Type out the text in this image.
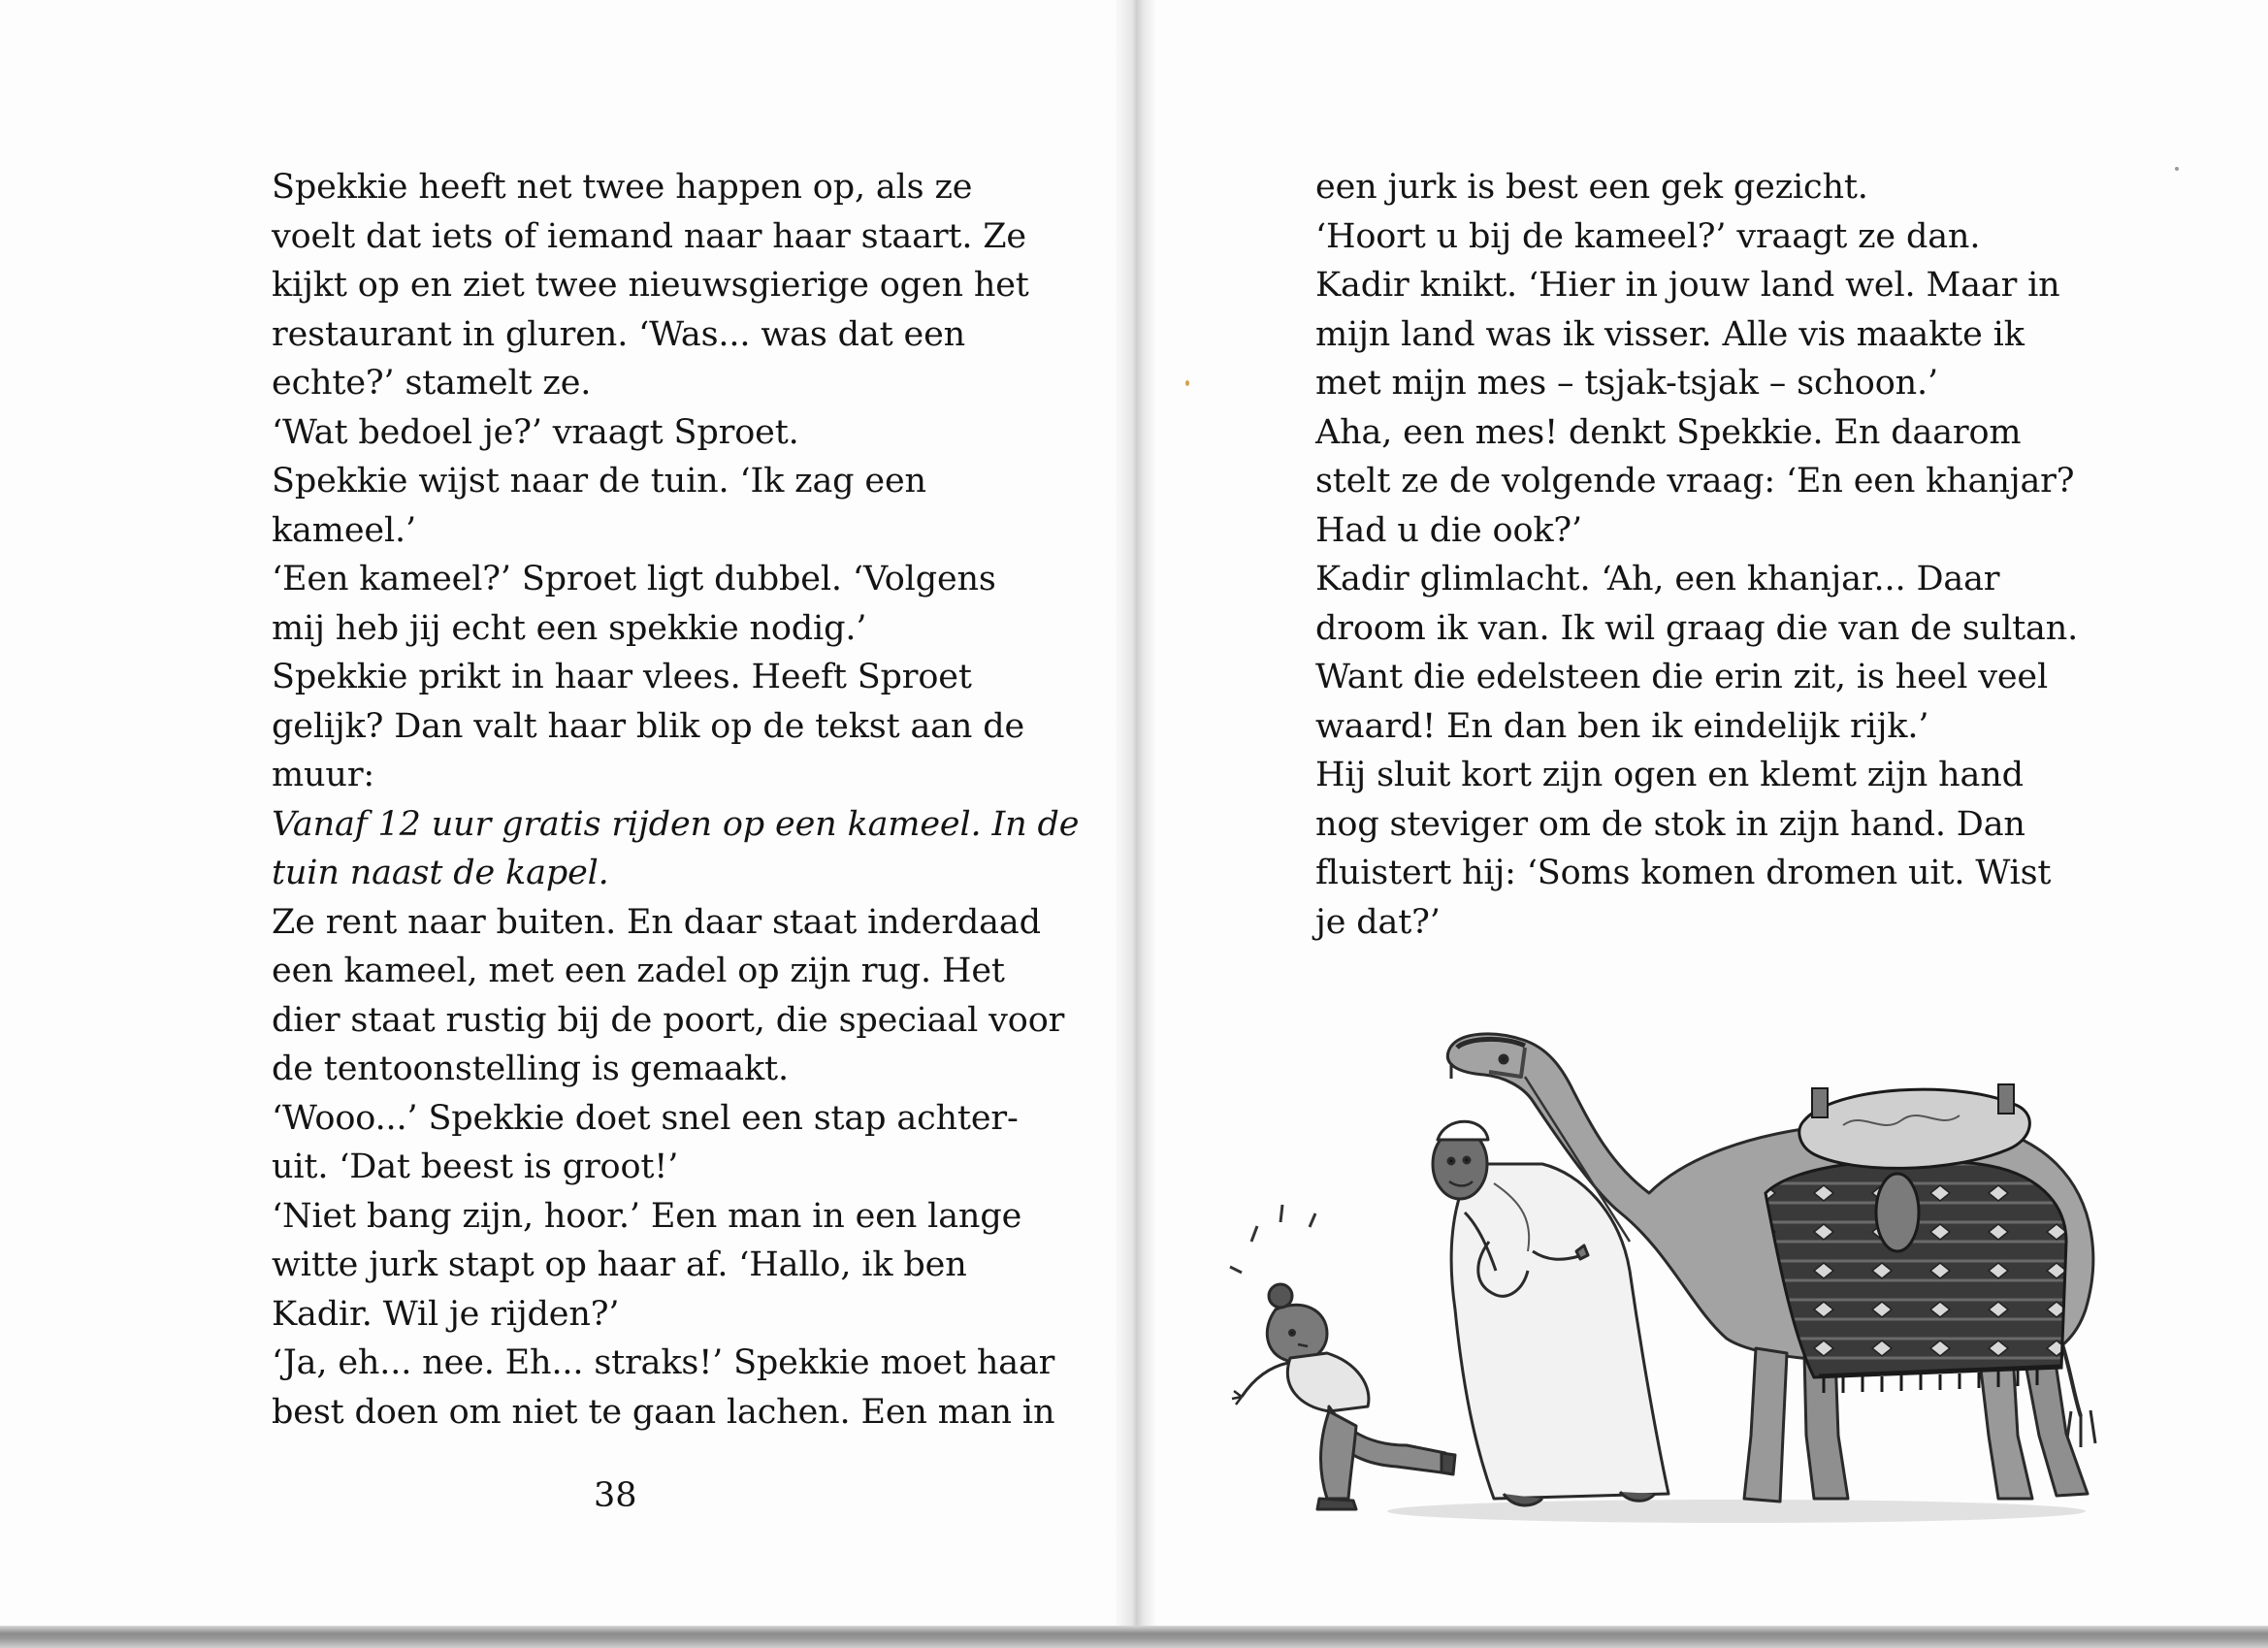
Spekkie heeft net twee happen op, als ze
voelt dat iets of iemand naar haar staart. Ze
kijkt op en ziet twee nieuwsgierige ogen het
restaurant in gluren. ‘Was... was dat een
echte?’ stamelt ze.
‘Wat bedoel je?’ vraagt Sproet.
Spekkie wijst naar de tuin. ‘Ik zag een
kameel.’
‘Een kameel?’ Sproet ligt dubbel. ‘Volgens
mij heb jij echt een spekkie nodig.’
Spekkie prikt in haar vlees. Heeft Sproet
gelijk? Dan valt haar blik op de tekst aan de
muur:
Vanaf 12 uur gratis rijden op een kameel. In de
tuin naast de kapel.
Ze rent naar buiten. En daar staat inderdaad
een kameel, met een zadel op zijn rug. Het
dier staat rustig bij de poort, die speciaal voor
de tentoonstelling is gemaakt.
‘Wooo...’ Spekkie doet snel een stap achter-
uit. ‘Dat beest is groot!’
‘Niet bang zijn, hoor.’ Een man in een lange
witte jurk stapt op haar af. ‘Hallo, ik ben
Kadir. Wil je rijden?’
‘Ja, eh... nee. Eh... straks!’ Spekkie moet haar
best doen om niet te gaan lachen. Een man in
38
een jurk is best een gek gezicht.
‘Hoort u bij de kameel?’ vraagt ze dan.
Kadir knikt. ‘Hier in jouw land wel. Maar in
mijn land was ik visser. Alle vis maakte ik
met mijn mes – tsjak-tsjak – schoon.’
Aha, een mes! denkt Spekkie. En daarom
stelt ze de volgende vraag: ‘En een khanjar?
Had u die ook?’
Kadir glimlacht. ‘Ah, een khanjar... Daar
droom ik van. Ik wil graag die van de sultan.
Want die edelsteen die erin zit, is heel veel
waard! En dan ben ik eindelijk rijk.’
Hij sluit kort zijn ogen en klemt zijn hand
nog steviger om de stok in zijn hand. Dan
fluistert hij: ‘Soms komen dromen uit. Wist
je dat?’
